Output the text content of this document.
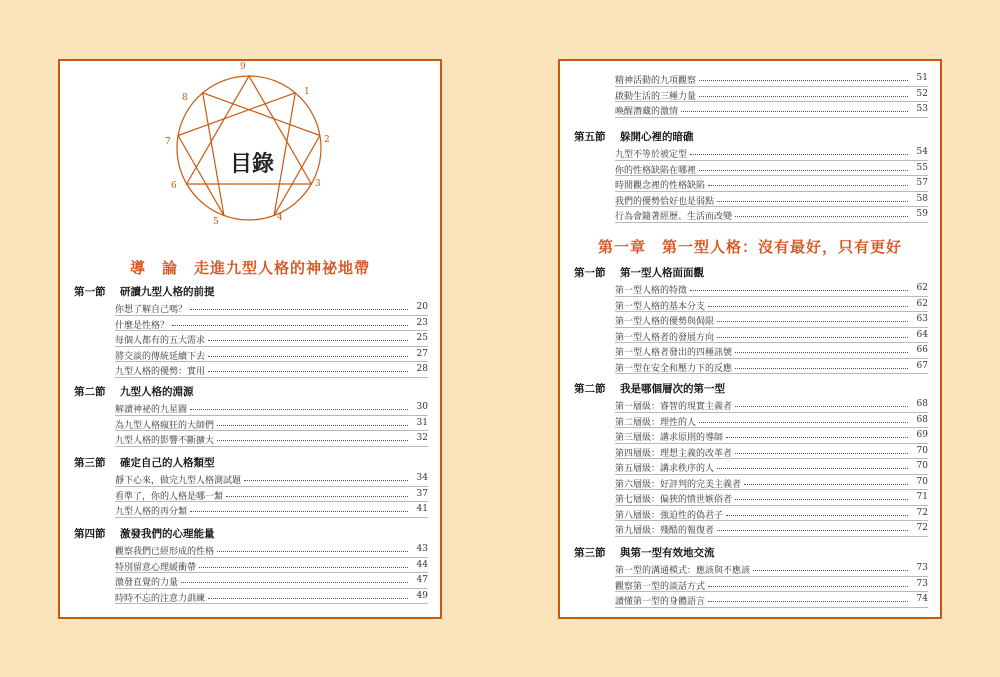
9
1
2
3
4
5
6
7
8
目錄
導　論　走進九型人格的神祕地帶
第一節 研讀九型人格的前提
你想了解自己嗎？	20
什麼是性格？	23
每個人都有的五大需求	25
將交談的傳統延續下去	27
九型人格的優勢：實用	28
第二節 九型人格的淵源
解讀神祕的九星圖	30
為九型人格瘋狂的大師們	31
九型人格的影響不斷擴大	32
第三節 確定自己的人格類型
靜下心來，做完九型人格測試題	34
看準了，你的人格是哪一類	37
九型人格的再分類	41
第四節 激發我們的心理能量
觀察我們已經形成的性格	43
特別留意心理緩衝帶	44
激發直覺的力量	47
時時不忘的注意力訓練	49
精神活動的九項觀察	51
啟動生活的三種力量	52
喚醒潛藏的激情	53
第五節 躲開心裡的暗礁
九型不等於被定型	54
你的性格缺陷在哪裡	55
時間觀念裡的性格缺陷	57
我們的優勢恰好也是弱點	58
行為會隨著經歷、生活而改變	59
第一章　第一型人格：沒有最好，只有更好
第一節 第一型人格面面觀
第一型人格的特徵	62
第一型人格的基本分支	62
第一型人格的優勢與侷限	63
第一型人格者的發展方向	64
第一型人格者發出的四種訊號	66
第一型在安全和壓力下的反應	67
第二節 我是哪個層次的第一型
第一層級：睿智的現實主義者	68
第二層級：理性的人	68
第三層級：講求原則的導師	69
第四層級：理想主義的改革者	70
第五層級：講求秩序的人	70
第六層級：好評判的完美主義者	70
第七層級：偏狹的憤世嫉俗者	71
第八層級：強迫性的偽君子	72
第九層級：殘酷的報復者	72
第三節 與第一型有效地交流
第一型的溝通模式：應該與不應該	73
觀察第一型的談話方式	73
讀懂第一型的身體語言	74
